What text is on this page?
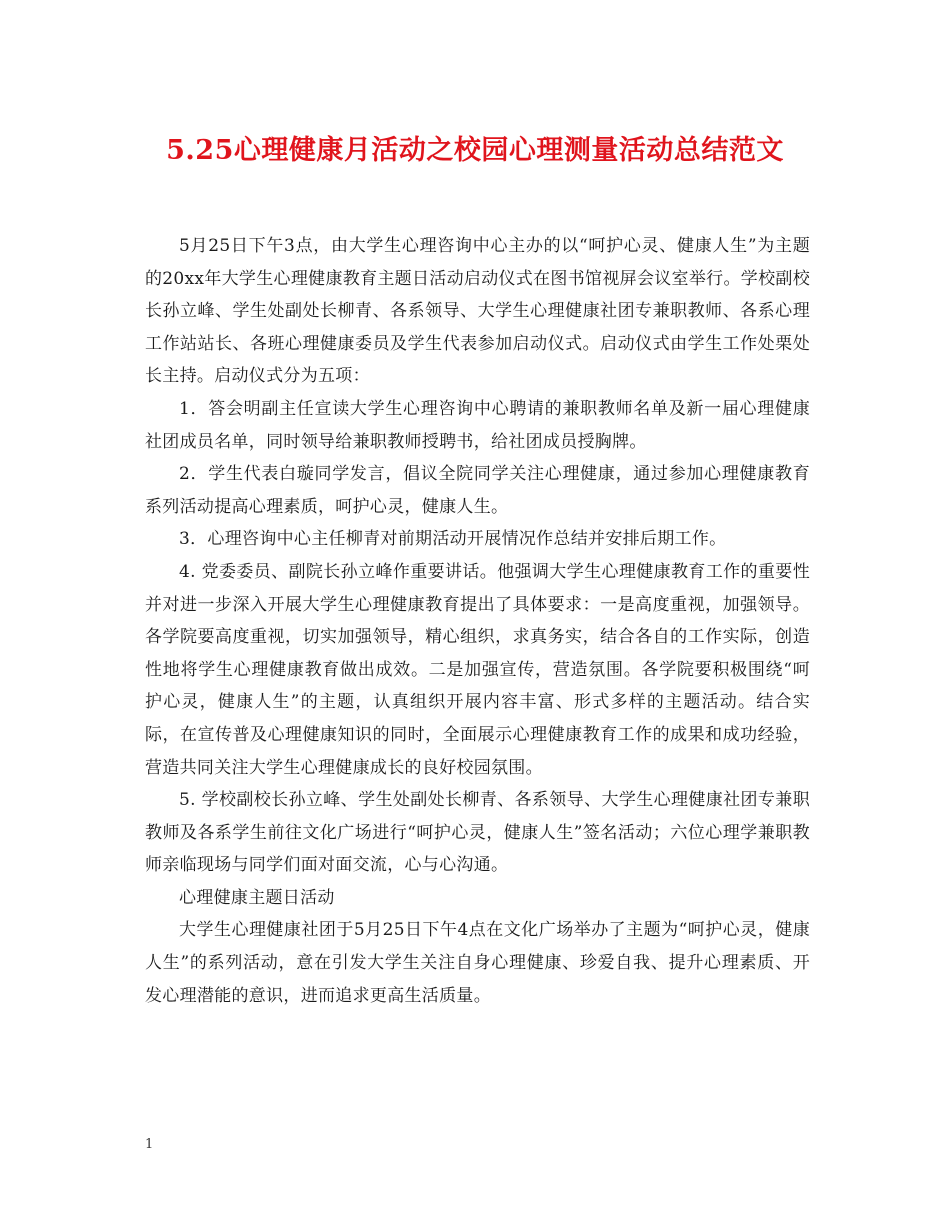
5.25心理健康月活动之校园心理测量活动总结范文

5月25日下午3点，由大学生心理咨询中心主办的以“呵护心灵、健康人生”为主题的20xx年大学生心理健康教育主题日活动启动仪式在图书馆视屏会议室举行。学校副校长孙立峰、学生处副处长柳青、各系领导、大学生心理健康社团专兼职教师、各系心理工作站站长、各班心理健康委员及学生代表参加启动仪式。启动仪式由学生工作处栗处长主持。启动仪式分为五项：

1．答会明副主任宣读大学生心理咨询中心聘请的兼职教师名单及新一届心理健康社团成员名单，同时领导给兼职教师授聘书，给社团成员授胸牌。

2．学生代表白璇同学发言，倡议全院同学关注心理健康，通过参加心理健康教育系列活动提高心理素质，呵护心灵，健康人生。

3．心理咨询中心主任柳青对前期活动开展情况作总结并安排后期工作。

4. 党委委员、副院长孙立峰作重要讲话。他强调大学生心理健康教育工作的重要性并对进一步深入开展大学生心理健康教育提出了具体要求：一是高度重视，加强领导。各学院要高度重视，切实加强领导，精心组织，求真务实，结合各自的工作实际，创造性地将学生心理健康教育做出成效。二是加强宣传，营造氛围。各学院要积极围绕“呵护心灵，健康人生”的主题，认真组织开展内容丰富、形式多样的主题活动。结合实际，在宣传普及心理健康知识的同时，全面展示心理健康教育工作的成果和成功经验，营造共同关注大学生心理健康成长的良好校园氛围。

5. 学校副校长孙立峰、学生处副处长柳青、各系领导、大学生心理健康社团专兼职教师及各系学生前往文化广场进行“呵护心灵，健康人生”签名活动；六位心理学兼职教师亲临现场与同学们面对面交流，心与心沟通。

心理健康主题日活动

大学生心理健康社团于5月25日下午4点在文化广场举办了主题为“呵护心灵，健康人生”的系列活动，意在引发大学生关注自身心理健康、珍爱自我、提升心理素质、开发心理潜能的意识，进而追求更高生活质量。

1
